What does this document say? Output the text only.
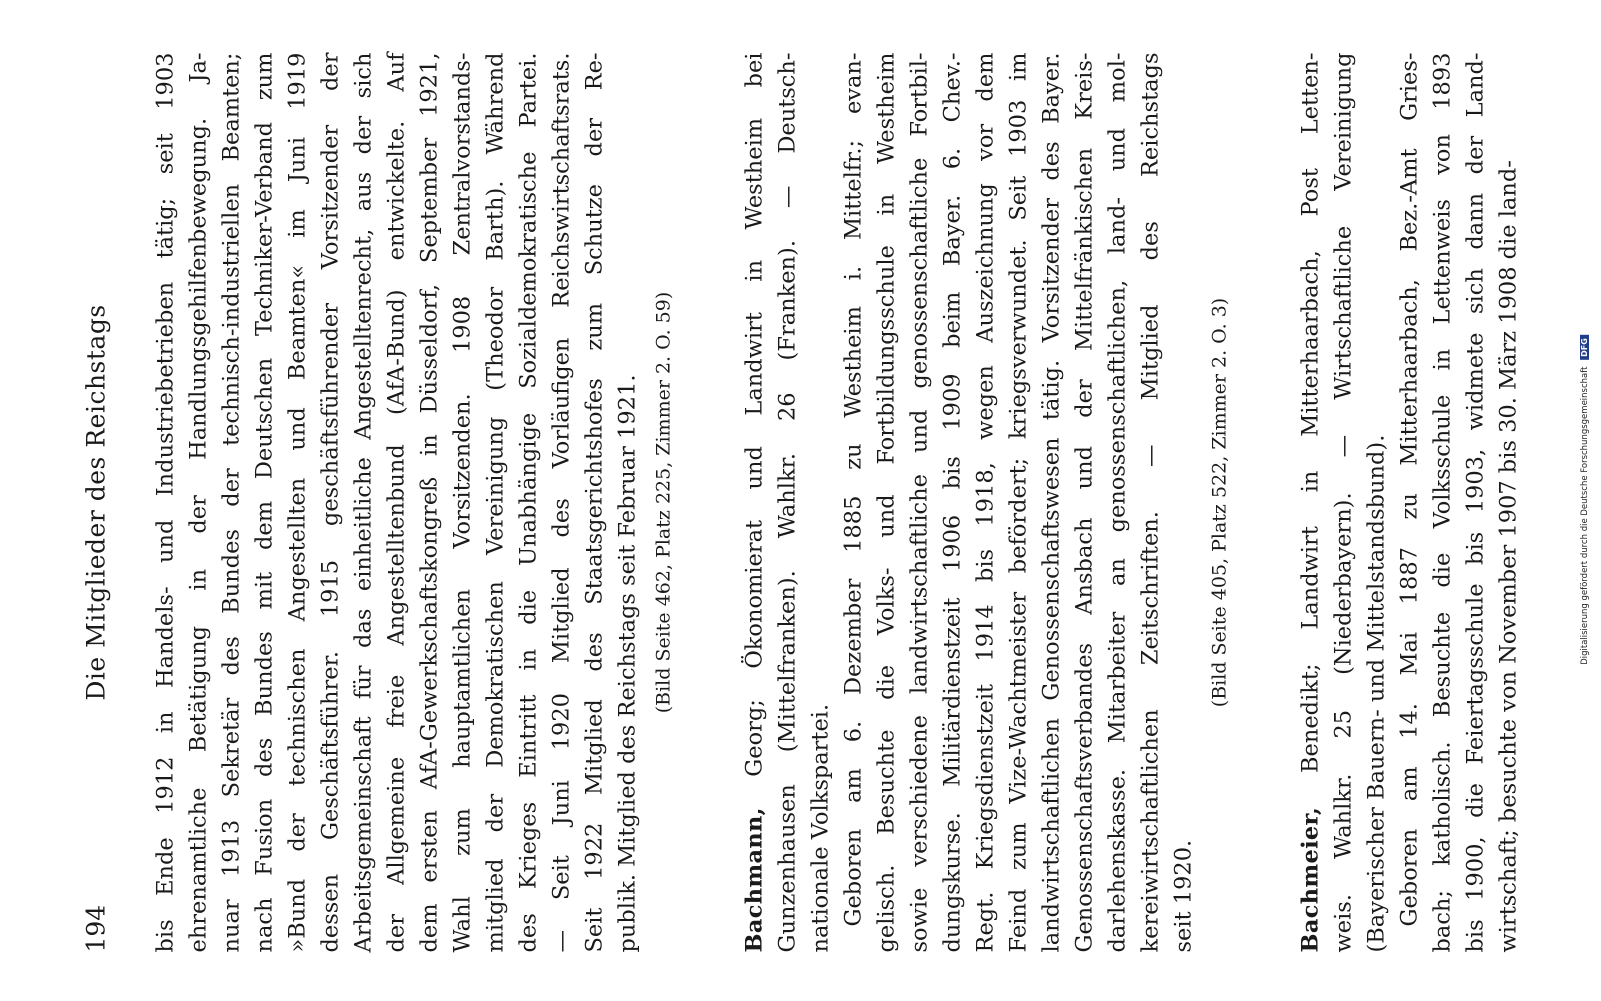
194
Die Mitglieder des Reichstags bis Ende 1912 in Handels- und Industriebetrieben tätig; seit 1903 ehrenamtliche Betätigung in der Handlungsgehilfenbewegung. Ja- nuar 1913 Sekretär des Bundes der technisch-industriellen Beamten; nach Fusion des Bundes mit dem Deutschen Techniker-Verband zum »Bund der technischen Angestellten und Beamten« im Juni 1919 dessen Geschäftsführer. 1915 geschäftsführender Vorsitzender der Arbeitsgemeinschaft für das einheitliche Angestelltenrecht, aus der sich der Allgemeine freie Angestelltenbund (AfA-Bund) entwickelte. Auf dem ersten AfA-Gewerkschaftskongreß in Düsseldorf, September 1921, Wahl zum hauptamtlichen Vorsitzenden. 1908 Zentralvorstands- mitglied der Demokratischen Vereinigung (Theodor Barth). Während des Krieges Eintritt in die Unabhängige Sozialdemokratische Partei. — Seit Juni 1920 Mitglied des Vorläufigen Reichswirtschaftsrats. Seit 1922 Mitglied des Staatsgerichtshofes zum Schutze der Re- publik. Mitglied des Reichstags seit Februar 1921. (Bild Seite 462, Platz 225, Zimmer 2. O. 59)
Bachmann, Georg; Ökonomierat und Landwirt in Westheim bei Gunzenhausen (Mittelfranken). Wahlkr. 26 (Franken). — Deutsch- nationale Volkspartei. Geboren am 6. Dezember 1885 zu Westheim i. Mittelfr.; evan- gelisch. Besuchte die Volks- und Fortbildungsschule in Westheim sowie verschiedene landwirtschaftliche und genossenschaftliche Fortbil- dungskurse. Militärdienstzeit 1906 bis 1909 beim Bayer. 6. Chev.- Regt. Kriegsdienstzeit 1914 bis 1918, wegen Auszeichnung vor dem Feind zum Vize-Wachtmeister befördert; kriegsverwundet. Seit 1903 im landwirtschaftlichen Genossenschaftswesen tätig. Vorsitzender des Bayer. Genossenschaftsverbandes Ansbach und der Mittelfränkischen Kreis- darlehenskasse. Mitarbeiter an genossenschaftlichen, land- und mol- kereiwirtschaftlichen Zeitschriften. — Mitglied des Reichstags seit 1920.
(Bild Seite 405, Platz 522, Zimmer 2. O. 3)
Bachmeier, Benedikt; Landwirt in Mitterhaarbach, Post Letten- weis. Wahlkr. 25 (Niederbayern). — Wirtschaftliche Vereinigung (Bayerischer Bauern- und Mittelstandsbund). Geboren am 14. Mai 1887 zu Mitterhaarbach, Bez.-Amt Gries- bach; katholisch. Besuchte die Volksschule in Lettenweis von 1893 bis 1900, die Feiertagsschule bis 1903, widmete sich dann der Land- wirtschaft; besuchte von November 1907 bis 30. März 1908 die land-	Digitalisierung gefördert durch die Deutsche Forschungsgemeinschaft DFG
